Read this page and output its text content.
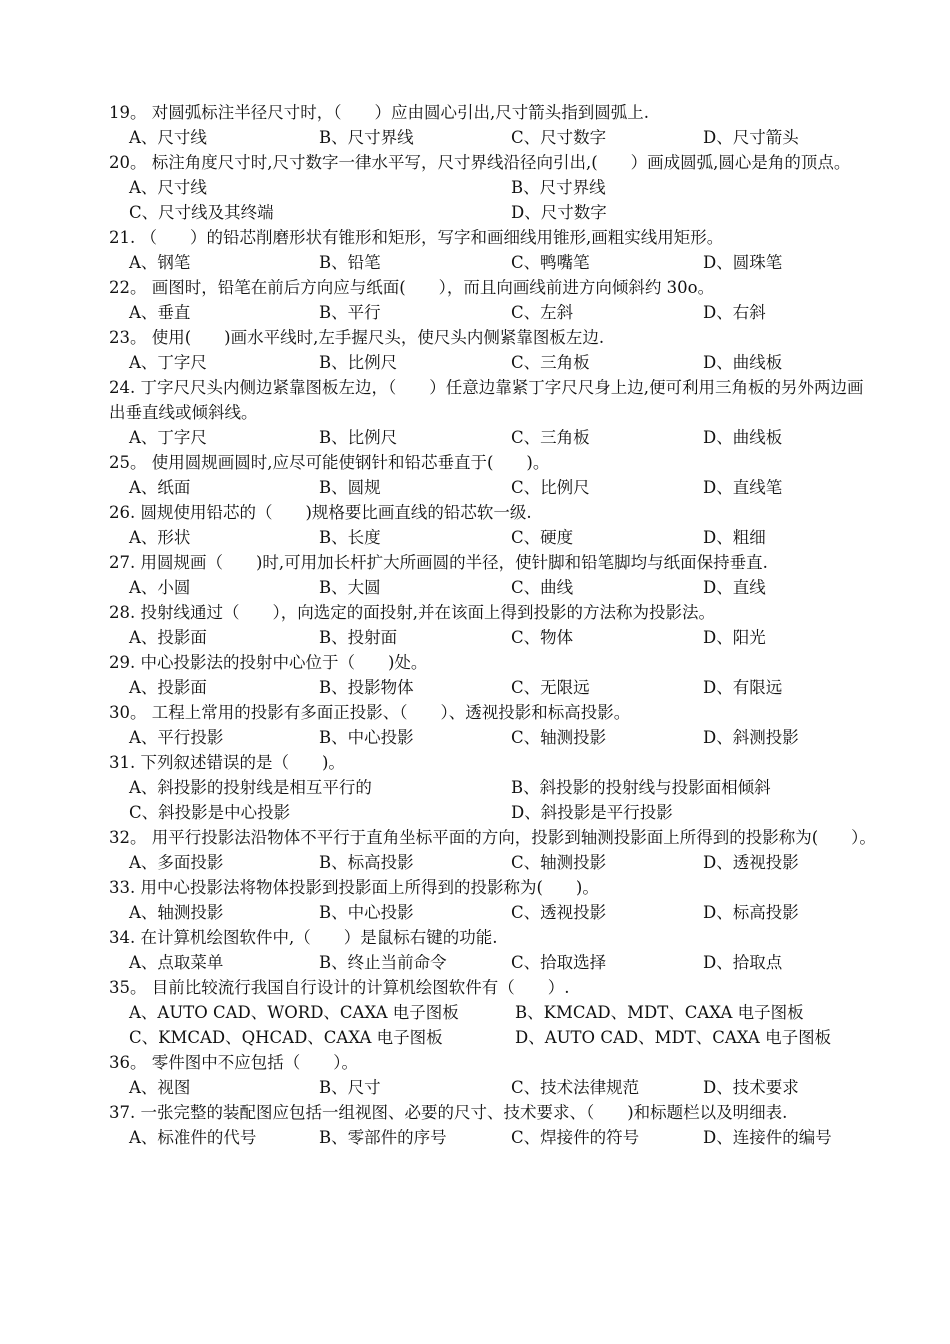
19。 对圆弧标注半径尺寸时，（　　）应由圆心引出,尺寸箭头指到圆弧上.
A、尺寸线	B、尺寸界线	C、尺寸数字	D、尺寸箭头
20。 标注角度尺寸时,尺寸数字一律水平写，尺寸界线沿径向引出,(　　）画成圆弧,圆心是角的顶点。
A、尺寸线	B、尺寸界线
C、尺寸线及其终端	D、尺寸数字
21. （　　）的铅芯削磨形状有锥形和矩形，写字和画细线用锥形,画粗实线用矩形。
A、钢笔	B、铅笔	C、鸭嘴笔	D、圆珠笔
22。 画图时，铅笔在前后方向应与纸面(　　），而且向画线前进方向倾斜约 30o。
A、垂直	B、平行	C、左斜	D、右斜
23。 使用(　　)画水平线时,左手握尺头，使尺头内侧紧靠图板左边.
A、丁字尺	B、比例尺	C、三角板	D、曲线板
24. 丁字尺尺头内侧边紧靠图板左边，（　　）任意边靠紧丁字尺尺身上边,便可利用三角板的另外两边画出垂直线或倾斜线。
A、丁字尺	B、比例尺	C、三角板	D、曲线板
25。 使用圆规画圆时,应尽可能使钢针和铅芯垂直于(　　)。
A、纸面	B、圆规	C、比例尺	D、直线笔
26. 圆规使用铅芯的（　　)规格要比画直线的铅芯软一级.
A、形状	B、长度	C、硬度	D、粗细
27. 用圆规画（　　)时,可用加长杆扩大所画圆的半径，使针脚和铅笔脚均与纸面保持垂直.
A、小圆	B、大圆	C、曲线	D、直线
28. 投射线通过（　　），向选定的面投射,并在该面上得到投影的方法称为投影法。
A、投影面	B、投射面	C、物体	D、阳光
29. 中心投影法的投射中心位于（　　)处。
A、投影面	B、投影物体	C、无限远	D、有限远
30。 工程上常用的投影有多面正投影、（　　）、透视投影和标高投影。
A、平行投影	B、中心投影	C、轴测投影	D、斜测投影
31. 下列叙述错误的是（　　)。
A、斜投影的投射线是相互平行的	B、斜投影的投射线与投影面相倾斜
C、斜投影是中心投影	D、斜投影是平行投影
32。 用平行投影法沿物体不平行于直角坐标平面的方向，投影到轴测投影面上所得到的投影称为(　　）。
A、多面投影	B、标高投影	C、轴测投影	D、透视投影
33. 用中心投影法将物体投影到投影面上所得到的投影称为(　　)。
A、轴测投影	B、中心投影	C、透视投影	D、标高投影
34. 在计算机绘图软件中,（　　）是鼠标右键的功能.
A、点取菜单	B、终止当前命令	C、拾取选择	D、拾取点
35。 目前比较流行我国自行设计的计算机绘图软件有（　　）.
A、AUTO CAD、WORD、CAXA 电子图板	B、KMCAD、MDT、CAXA 电子图板
C、KMCAD、QHCAD、CAXA 电子图板	D、AUTO CAD、MDT、CAXA 电子图板
36。 零件图中不应包括（　　）。
A、视图	B、尺寸	C、技术法律规范	D、技术要求
37. 一张完整的装配图应包括一组视图、必要的尺寸、技术要求、（　　)和标题栏以及明细表.
A、标准件的代号	B、零部件的序号	C、焊接件的符号	D、连接件的编号
